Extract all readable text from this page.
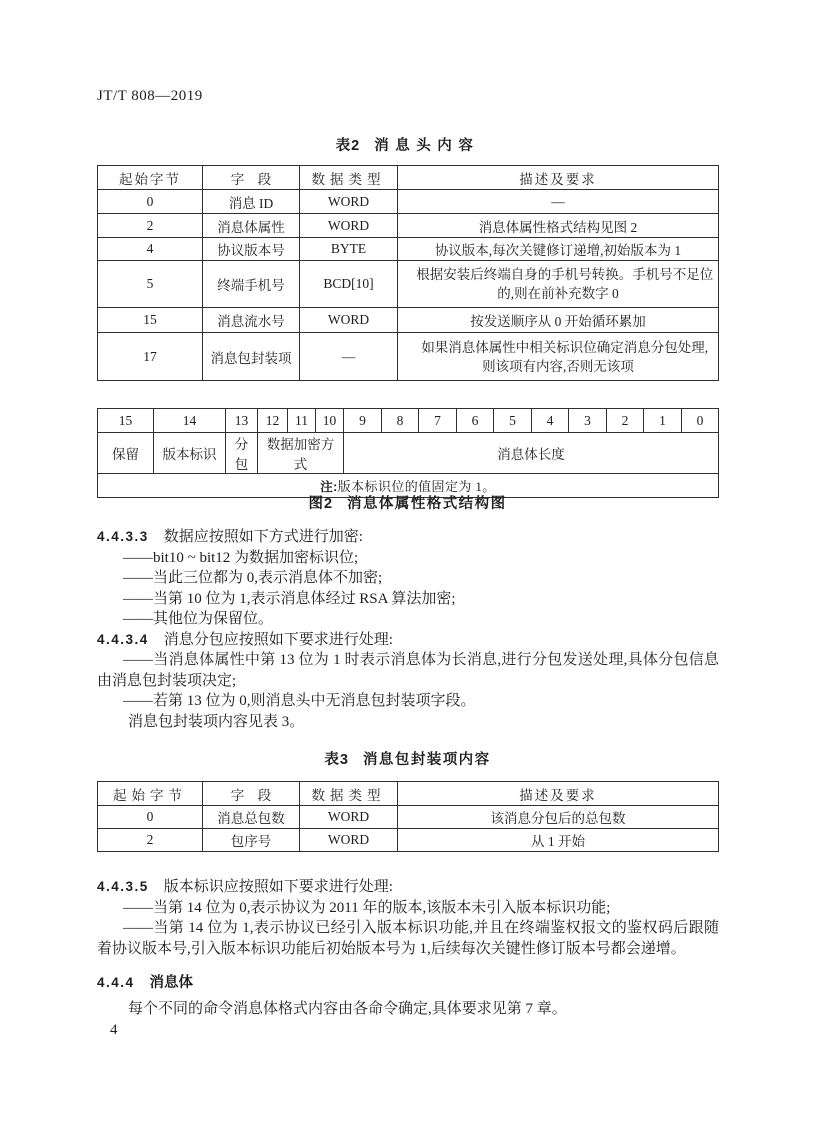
JT/T 808—2019
表2 消息头内容
起始字节	字　段	数据类型	描述及要求
0	消息 ID	WORD	—
2	消息体属性	WORD	消息体属性格式结构见图 2
4	协议版本号	BYTE	协议版本,每次关键修订递增,初始版本为 1
5	终端手机号	BCD[10]	根据安装后终端自身的手机号转换。手机号不足位的,则在前补充数字 0
15	消息流水号	WORD	按发送顺序从 0 开始循环累加
17	消息包封装项	—	如果消息体属性中相关标识位确定消息分包处理,则该项有内容,否则无该项
15	14	13	12	11	10	9	8	7	6	5	4	3	2	1	0
保留	版本标识	分包	数据加密方式			消息体长度									
注:版本标识位的值固定为 1。															
图2 消息体属性格式结构图

4.4.3.3 数据应按照如下方式进行加密:

——bit10 ~ bit12 为数据加密标识位;

——当此三位都为 0,表示消息体不加密;

——当第 10 位为 1,表示消息体经过 RSA 算法加密;

——其他位为保留位。

4.4.3.4 消息分包应按照如下要求进行处理:

——当消息体属性中第 13 位为 1 时表示消息体为长消息,进行分包发送处理,具体分包信息由消息包封装项决定;

——若第 13 位为 0,则消息头中无消息包封装项字段。

消息包封装项内容见表 3。

表3 消息包封装项内容
起始字节	字　段	数据类型	描述及要求
0	消息总包数	WORD	该消息分包后的总包数
2	包序号	WORD	从 1 开始

4.4.3.5 版本标识应按照如下要求进行处理:

——当第 14 位为 0,表示协议为 2011 年的版本,该版本未引入版本标识功能;

——当第 14 位为 1,表示协议已经引入版本标识功能,并且在终端鉴权报文的鉴权码后跟随着协议版本号,引入版本标识功能后初始版本号为 1,后续每次关键性修订版本号都会递增。

4.4.4 消息体

每个不同的命令消息体格式内容由各命令确定,具体要求见第 7 章。

4
